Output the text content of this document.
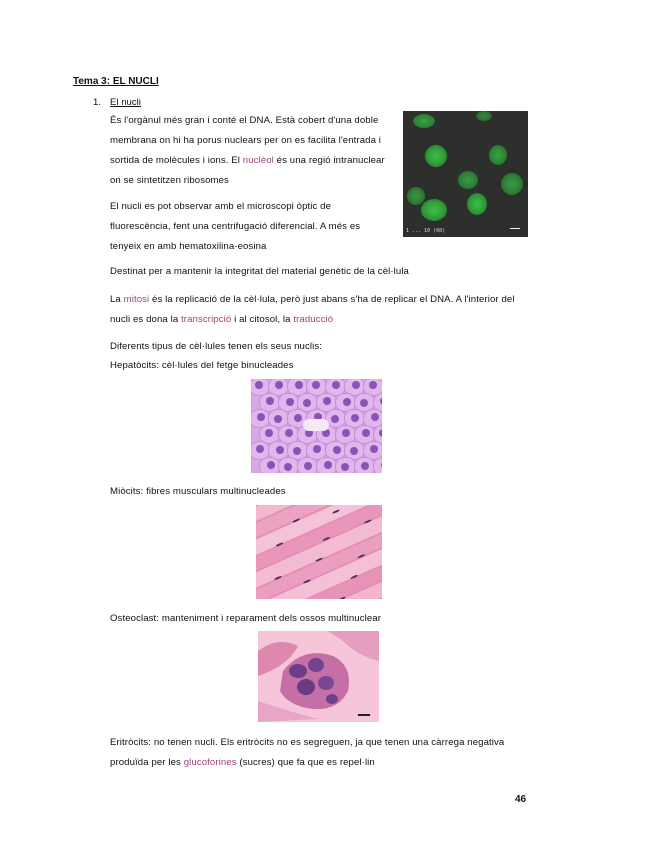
Tema 3: EL NUCLI
1. El nucli
És l'orgànul més gran i conté el DNA. Està cobert d'una doble
membrana on hi ha porus nuclears per on es facilita l'entrada i
sortida de molècules i ions. El nuclèol és una regió intranuclear
on se sintetitzen ribosomes
El nucli es pot observar amb el microscopi òptic de
fluorescència, fent una centrifugació diferencial. A més es
tenyeix en amb hematoxilina-eosina
1 ... 10 (60)
Destinat per a mantenir la integritat del material genètic de la cèl·lula
La mitosi és la replicació de la cèl·lula, però just abans s'ha de replicar el DNA. A l'interior del
nucli es dona la transcripció i al citosol, la traducció
Diferents tipus de cèl·lules tenen els seus nuclis:
Hepatòcits: cèl·lules del fetge binucleades
Miòcits: fibres musculars multinucleades
Osteoclast: manteniment i reparament dels ossos multinuclear
Eritròcits: no tenen nucli. Els eritròcits no es segreguen, ja que tenen una càrrega negativa
produïda per les glucoforines (sucres) que fa que es repel·lin
46
